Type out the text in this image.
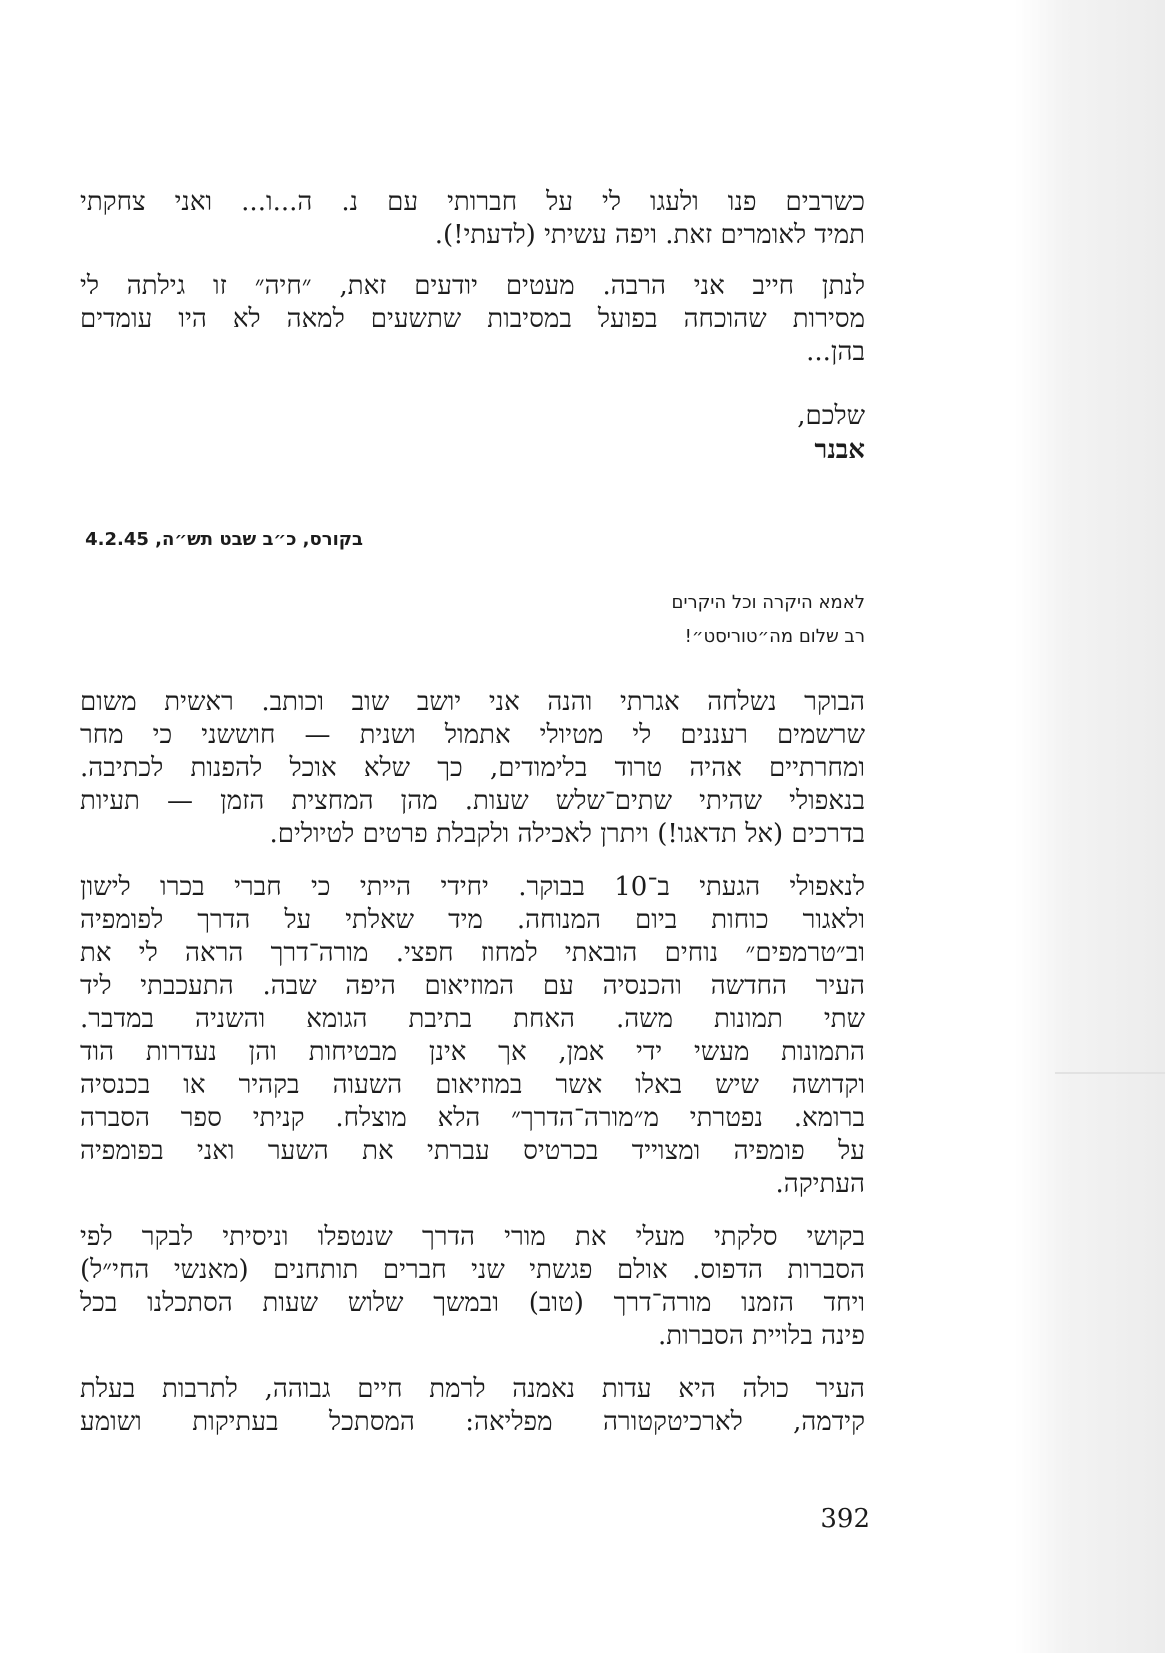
כשרבים פנו ולעגו לי על חברותי עם נ. ה...ו... ואני צחקתי
תמיד לאומרים זאת. ויפה עשיתי (לדעתי!).

לנתן חייב אני הרבה. מעטים יודעים זאת, ״חיה״ זו גילתה לי
מסירות שהוכחה בפועל במסיבות שתשעים למאה לא היו עומדים
בהן...

שלכם,

אבנר

בקורס, כ״ב שבט תש״ה, 4.2.45
לאמא היקרה וכל היקרים
רב שלום מה״טוריסט״!

הבוקר נשלחה אגרתי והנה אני יושב שוב וכותב. ראשית משום
שרשמים רעננים לי מטיולי אתמול ושנית — חוששני כי מחר
ומחרתיים אהיה טרוד בלימודים, כך שלא אוכל להפנות לכתיבה.
בנאפולי שהיתי שתים־שלש שעות. מהן המחצית הזמן — תעיות
בדרכים (אל תדאגו!) ויתרן לאכילה ולקבלת פרטים לטיולים.

לנאפולי הגעתי ב־10 בבוקר. יחידי הייתי כי חברי בכרו לישון
ולאגור כוחות ביום המנוחה. מיד שאלתי על הדרך לפומפיה
וב״טרמפים״ נוחים הובאתי למחוז חפצי. מורה־דרך הראה לי את
העיר החדשה והכנסיה עם המוזיאום היפה שבה. התעכבתי ליד
שתי תמונות משה. האחת בתיבת הגומא והשניה במדבר.
התמונות מעשי ידי אמן, אך אינן מבטיחות והן נעדרות הוד
וקדושה שיש באלו אשר במוזיאום השעוה בקהיר או בכנסיה
ברומא. נפטרתי מ״מורה־הדרך״ הלא מוצלח. קניתי ספר הסברה
על פומפיה ומצוייד בכרטיס עברתי את השער ואני בפומפיה
העתיקה.

בקושי סלקתי מעלי את מורי הדרך שנטפלו וניסיתי לבקר לפי
הסברות הדפוס. אולם פגשתי שני חברים תותחנים (מאנשי החי״ל)
ויחד הזמנו מורה־דרך (טוב) ובמשך שלוש שעות הסתכלנו בכל
פינה בלויית הסברות.

העיר כולה היא עדות נאמנה לרמת חיים גבוהה, לתרבות בעלת
קידמה, לארכיטקטורה מפליאה: המסתכל בעתיקות ושומע

392
